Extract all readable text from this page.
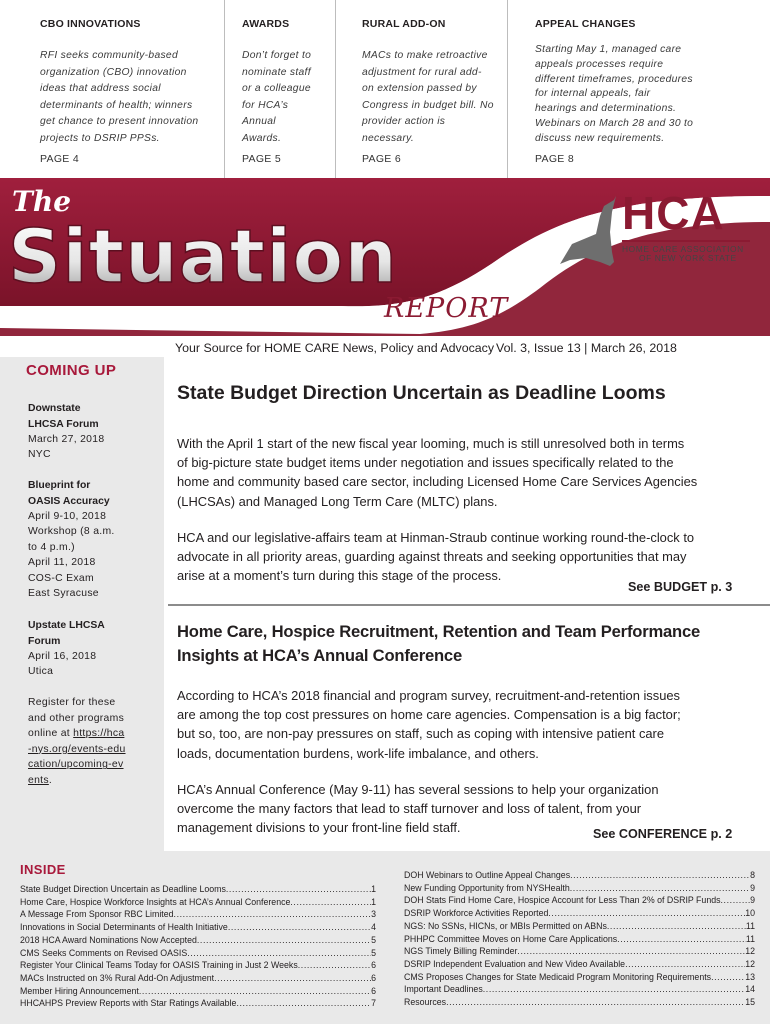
CBO INNOVATIONS
RFI seeks community-based
organization (CBO) innovation
ideas that address social
determinants of health; winners
get chance to present innovation
projects to DSRIP PPSs.
PAGE 4
AWARDS
Don’t forget to
nominate staff
or a colleague
for HCA’s
Annual
Awards.
PAGE 5
RURAL ADD-ON
MACs to make retroactive
adjustment for rural add-
on extension passed by
Congress in budget bill. No
provider action is
necessary.
PAGE 6
APPEAL CHANGES
Starting May 1, managed care
appeals processes require
different timeframes, procedures
for internal appeals, fair
hearings and determinations.
Webinars on March 28 and 30 to
discuss new requirements.
PAGE 8
The
Situation
REPORT
HCA
HOME CARE ASSOCIATION
OF NEW YORK STATE
Your Source for HOME CARE News, Policy and Advocacy Vol. 3, Issue 13 | March 26, 2018
COMING UP
Downstate
LHCSA Forum
March 27, 2018
NYC
Blueprint for
OASIS Accuracy
April 9-10, 2018
Workshop (8 a.m.
to 4 p.m.)
April 11, 2018
COS-C Exam
East Syracuse
Upstate LHCSA
Forum
April 16, 2018
Utica
Register for these and other programs online at https://hca-nys.org/events-education/upcoming-events.
State Budget Direction Uncertain as Deadline Looms
With the April 1 start of the new fiscal year looming, much is still unresolved both in terms
of big-picture state budget items under negotiation and issues specifically related to the
home and community based care sector, including Licensed Home Care Services Agencies
(LHCSAs) and Managed Long Term Care (MLTC) plans.
HCA and our legislative-affairs team at Hinman-Straub continue working round-the-clock to
advocate in all priority areas, guarding against threats and seeking opportunities that may
arise at a moment’s turn during this stage of the process.
See BUDGET p. 3
Home Care, Hospice Recruitment, Retention and Team Performance
Insights at HCA’s Annual Conference
According to HCA’s 2018 financial and program survey, recruitment-and-retention issues
are among the top cost pressures on home care agencies. Compensation is a big factor;
but so, too, are non-pay pressures on staff, such as coping with intensive patient care
loads, documentation burdens, work-life imbalance, and others.
HCA’s Annual Conference (May 9-11) has several sessions to help your organization
overcome the many factors that lead to staff turnover and loss of talent, from your
management divisions to your front-line field staff.	See CONFERENCE p. 2
INSIDE
State Budget Direction Uncertain as Deadline Looms .....	1
Home Care, Hospice Workforce Insights at HCA’s Annual Conference .....	1
A Message From Sponsor RBC Limited .....	3
Innovations in Social Determinants of Health Initiative .....	4
2018 HCA Award Nominations Now Accepted .....	5
CMS Seeks Comments on Revised OASIS .....	5
Register Your Clinical Teams Today for OASIS Training in Just 2 Weeks .....	6
MACs Instructed on 3% Rural Add-On Adjustment .....	6
Member Hiring Announcement .....	6
HHCAHPS Preview Reports with Star Ratings Available .....	7
DOH Webinars to Outline Appeal Changes .....	8
New Funding Opportunity from NYSHealth .....	9
DOH Stats Find Home Care, Hospice Account for Less Than 2% of DSRIP Funds .....	9
DSRIP Workforce Activities Reported .....	10
NGS: No SSNs, HICNs, or MBIs Permitted on ABNs .....	11
PHHPC Committee Moves on Home Care Applications .....	11
NGS Timely Billing Reminder .....	12
DSRIP Independent Evaluation and New Video Available .....	12
CMS Proposes Changes for State Medicaid Program Monitoring Requirements .....	13
Important Deadlines .....	14
Resources .....	15
